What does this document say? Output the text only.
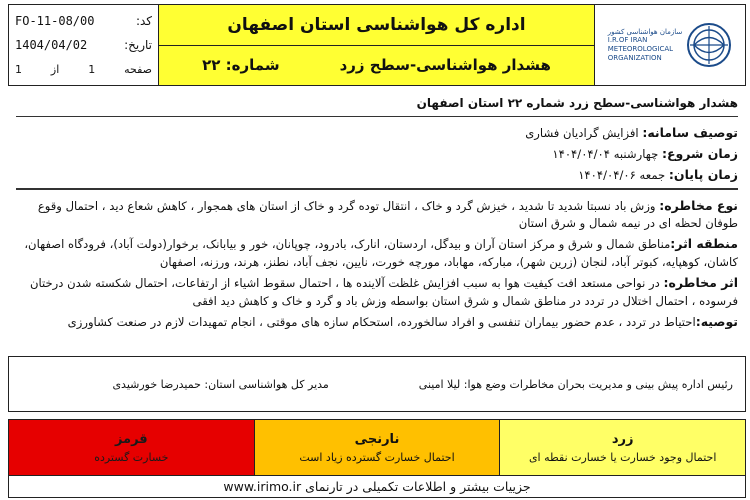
کد:
FO-11-08/00
تاریخ:
1404/04/02
صفحه
1
از
1
اداره کل هواشناسی استان اصفهان
هشدار هواشناسی-سطح زرد
شماره: ۲۲
سازمان هواشناسی کشور
I.R.OF IRAN
METEOROLOGICAL
ORGANIZATION
هشدار هواشناسی-سطح زرد شماره ۲۲ استان اصفهان
توصیف سامانه: افزایش گرادیان فشاری
زمان شروع: چهارشنبه ۱۴۰۴/۰۴/۰۴
زمان پایان: جمعه ۱۴۰۴/۰۴/۰۶
نوع مخاطره: وزش باد نسبتا شدید تا شدید ، خیزش گرد و خاک ، انتقال توده گرد و خاک از استان های همجوار ، کاهش شعاع دید ، احتمال وقوع طوفان لحظه ای در نیمه شمال و شرق استان
منطقه اثر:مناطق شمال و شرق و مرکز استان آران و بیدگل، اردستان، انارک، بادرود، چوپانان، خور و بیابانک، برخوار(دولت آباد)، فرودگاه اصفهان، کاشان، کوهپایه، کبوتر آباد، لنجان (زرین شهر)، مبارکه، مهاباد، مورچه خورت، نایین، نجف آباد، نطنز، هرند، ورزنه، اصفهان
اثر مخاطره: در نواحی مستعد افت کیفیت هوا به سبب افزایش غلظت آلاینده ها ، احتمال سقوط اشیاء از ارتفاعات، احتمال شکسته شدن درختان فرسوده ، احتمال اختلال در تردد در مناطق شمال و شرق استان بواسطه وزش باد و گرد و خاک و کاهش دید افقی
توصیه:احتیاط در تردد ، عدم حضور بیماران تنفسی و افراد سالخورده، استحکام سازه های موقتی ، انجام تمهیدات لازم در صنعت کشاورزی
رئیس اداره پیش بینی و مدیریت بحران مخاطرات وضع هوا: لیلا امینی
مدیر کل هواشناسی استان: حمیدرضا خورشیدی
زرد
احتمال وجود خسارت یا خسارت نقطه ای
نارنجی
احتمال خسارت گسترده زیاد است
قرمز
خسارت گسترده
جزییات بیشتر و اطلاعات تکمیلی در تارنمای

www.irimo.ir
